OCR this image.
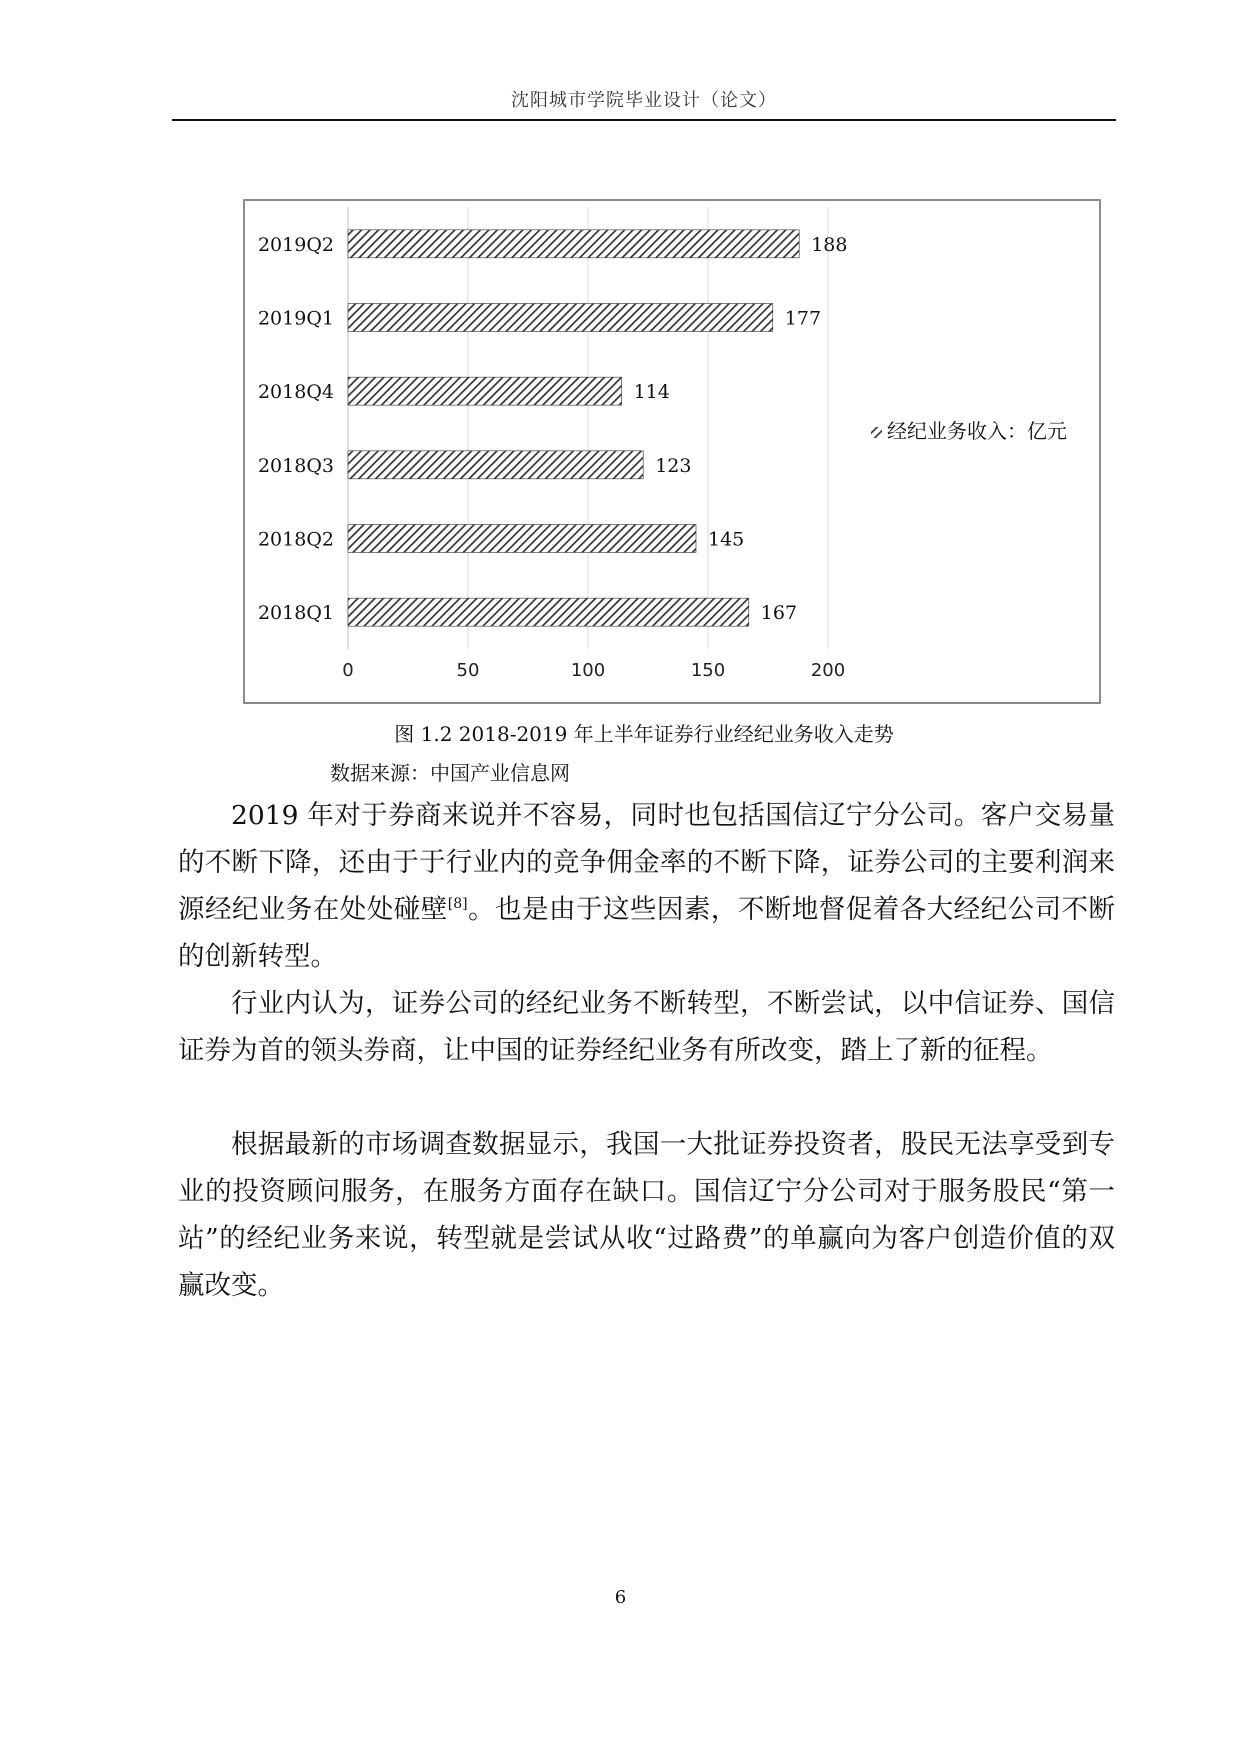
沈阳城市学院毕业设计（论文）
0	50	100	150	200
2019Q2	188
2019Q1	177
2018Q4	114
2018Q3	123
2018Q2	145
2018Q1	167
经纪业务收入：亿元
图 1.2 2018-2019 年上半年证券行业经纪业务收入走势
数据来源：中国产业信息网

2019 年对于券商来说并不容易，同时也包括国信辽宁分公司。客户交易量的不断下降，还由于于行业内的竞争佣金率的不断下降，证券公司的主要利润来源经纪业务在处处碰壁[8]。也是由于这些因素，不断地督促着各大经纪公司不断的创新转型。

行业内认为，证券公司的经纪业务不断转型，不断尝试，以中信证券、国信证券为首的领头券商，让中国的证券经纪业务有所改变，踏上了新的征程。

根据最新的市场调查数据显示，我国一大批证券投资者，股民无法享受到专业的投资顾问服务，在服务方面存在缺口。国信辽宁分公司对于服务股民“第一站”的经纪业务来说，转型就是尝试从收“过路费”的单赢向为客户创造价值的双赢改变。

6
